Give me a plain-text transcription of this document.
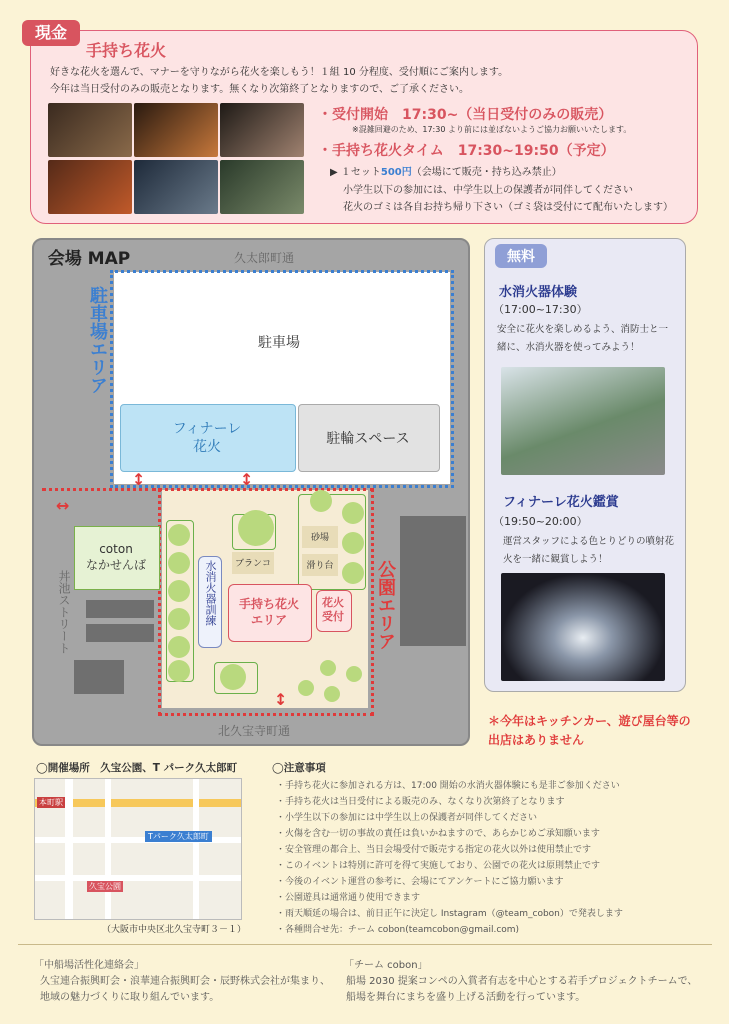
現金
手持ち花火
好きな花火を選んで、マナーを守りながら花火を楽しもう！１組 10 分程度、受付順にご案内します。
今年は当日受付のみの販売となります。無くなり次第終了となりますので、ご了承ください。
・受付開始　17:30~（当日受付のみの販売）
※混雑回避のため、17:30 より前には並ばないようご協力お願いいたします。
・手持ち花火タイム　17:30~19:50（予定）
▶ １セット500円（会場にて販売・持ち込み禁止）
小学生以下の参加には、中学生以上の保護者が同伴してください
花火のゴミは各自お持ち帰り下さい（ゴミ袋は受付にて配布いたします）
会場 MAP	久太郎町通
駐車場エリア	駐車場
フィナーレ
花火	駐輪スペース
公園エリア
coton
なかせんば
丼池ストリート	水消火器訓練	ブランコ
砂場
滑り台
手持ち花火
エリア
花火
受付
北久宝寺町通
↕	↕
↔
↕
無料
水消火器体験
（17:00~17:30）
安全に花火を楽しめるよう、消防士と一緒に、水消火器を使ってみよう！
フィナーレ花火鑑賞
（19:50~20:00）
運営スタッフによる色とりどりの噴射花火を一緒に観賞しよう！
＊今年はキッチンカー、遊び屋台等の出店はありません
◯開催場所　久宝公園、T パーク久太郎町
本町駅
Tパーク久太郎町
久宝公園
（大阪市中央区北久宝寺町３－１）
◯注意事項
・手持ち花火に参加される方は、17:00 開始の水消火器体験にも是非ご参加ください
・手持ち花火は当日受付による販売のみ、なくなり次第終了となります
・小学生以下の参加には中学生以上の保護者が同伴してください
・火傷を含む一切の事故の責任は負いかねますので、あらかじめご承知願います
・安全管理の都合上、当日会場受付で販売する指定の花火以外は使用禁止です
・このイベントは特別に許可を得て実施しており、公園での花火は原則禁止です
・今後のイベント運営の参考に、会場にてアンケートにご協力願います
・公園遊具は通常通り使用できます
・雨天順延の場合は、前日正午に決定し Instagram（@team_cobon）で発表します
・各種問合せ先：チーム cobon(teamcobon@gmail.com)
「中船場活性化連絡会」
久宝連合振興町会・浪華連合振興町会・辰野株式会社が集まり、地域の魅力づくりに取り組んでいます。
「チーム cobon」
船場 2030 提案コンペの入賞者有志を中心とする若手プロジェクトチームで、船場を舞台にまちを盛り上げる活動を行っています。
